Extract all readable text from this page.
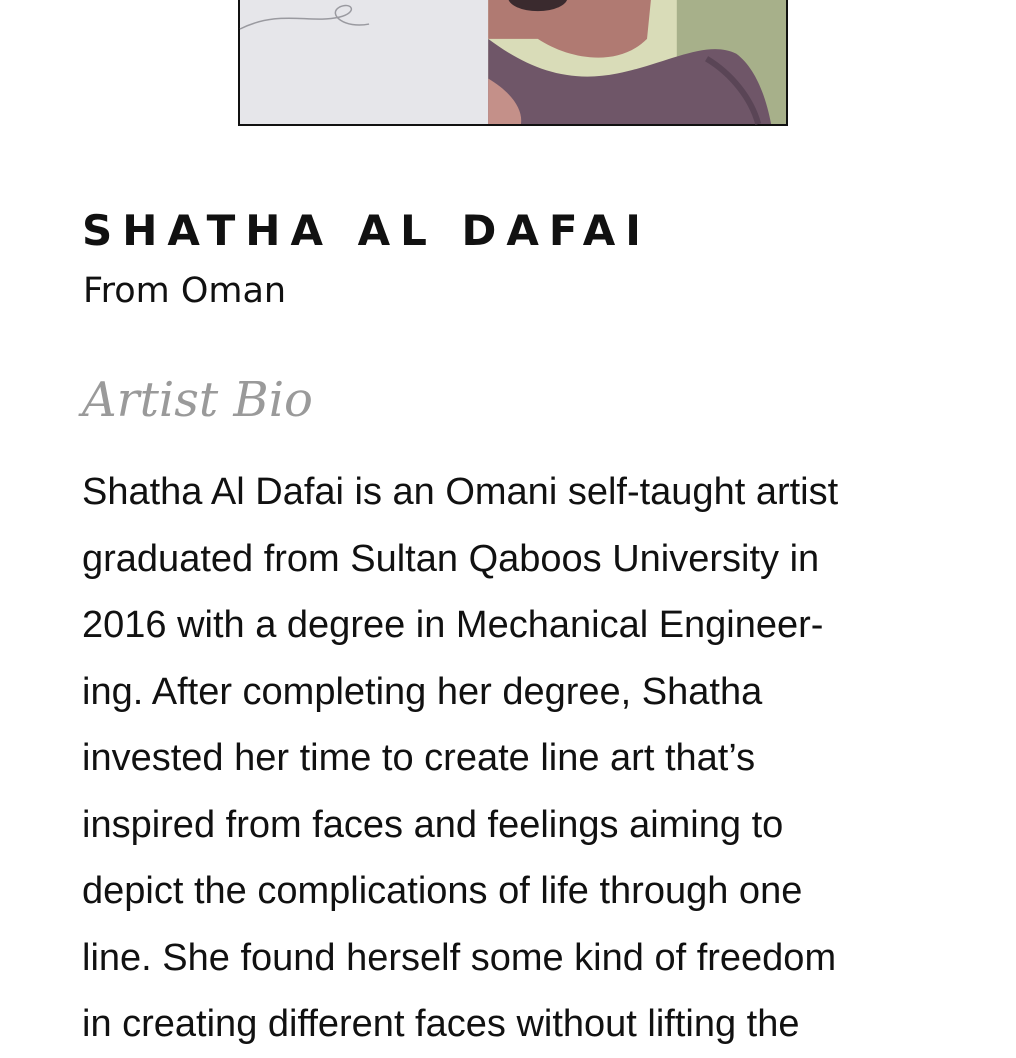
SHATHA AL DAFAI

From Oman

Artist Bio

Shatha Al Dafai is an Omani self-taught artist
graduated from Sultan Qaboos University in
2016 with a degree in Mechanical Engineer-
ing. After completing her degree, Shatha
invested her time to create line art that’s
inspired from faces and feelings aiming to
depict the complications of life through one
line. She found herself some kind of freedom
in creating different faces without lifting the
